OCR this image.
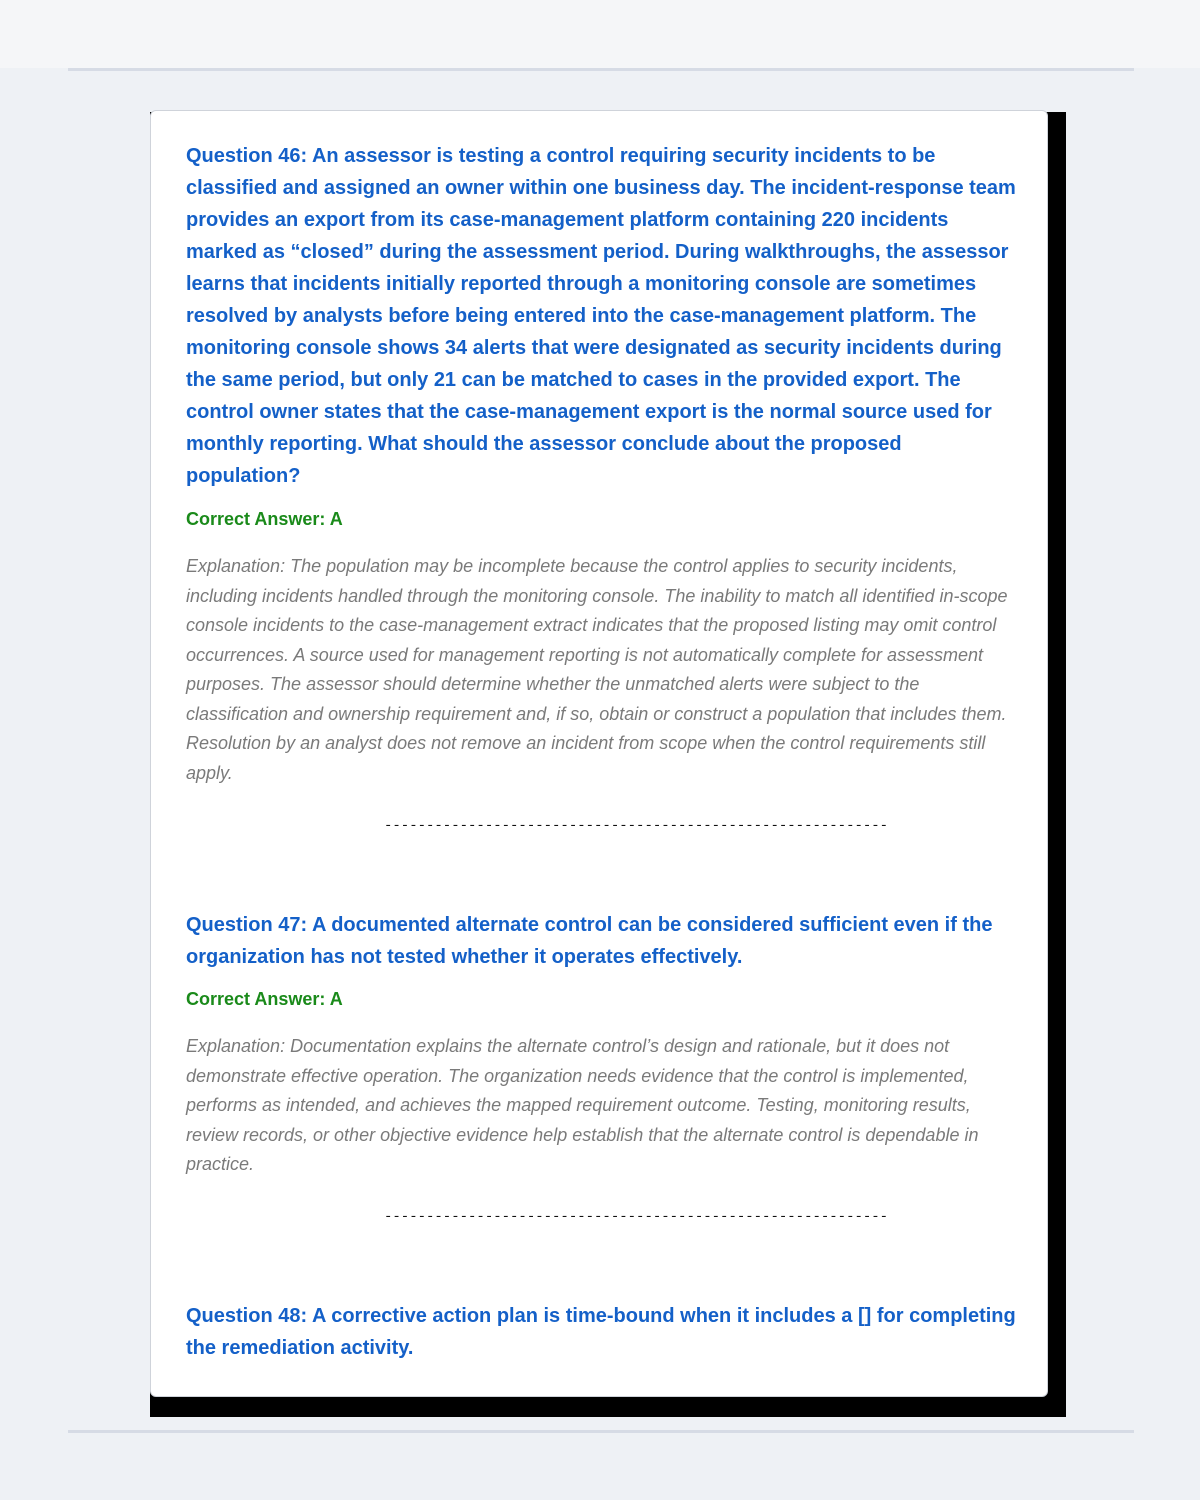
Question 46: An assessor is testing a control requiring security incidents to be classified and assigned an owner within one business day. The incident-response team provides an export from its case-management platform containing 220 incidents marked as “closed” during the assessment period. During walkthroughs, the assessor learns that incidents initially reported through a monitoring console are sometimes resolved by analysts before being entered into the case-management platform. The monitoring console shows 34 alerts that were designated as security incidents during the same period, but only 21 can be matched to cases in the provided export. The control owner states that the case-management export is the normal source used for monthly reporting. What should the assessor conclude about the proposed population?

Correct Answer: A

Explanation: The population may be incomplete because the control applies to security incidents, including incidents handled through the monitoring console. The inability to match all identified in-scope console incidents to the case-management extract indicates that the proposed listing may omit control occurrences. A source used for management reporting is not automatically complete for assessment purposes. The assessor should determine whether the unmatched alerts were subject to the classification and ownership requirement and, if so, obtain or construct a population that includes them. Resolution by an analyst does not remove an incident from scope when the control requirements still apply.

------------------------------------------------------------

Question 47: A documented alternate control can be considered sufficient even if the organization has not tested whether it operates effectively.

Correct Answer: A

Explanation: Documentation explains the alternate control’s design and rationale, but it does not demonstrate effective operation. The organization needs evidence that the control is implemented, performs as intended, and achieves the mapped requirement outcome. Testing, monitoring results, review records, or other objective evidence help establish that the alternate control is dependable in practice.

------------------------------------------------------------

Question 48: A corrective action plan is time-bound when it includes a [] for completing the remediation activity.
